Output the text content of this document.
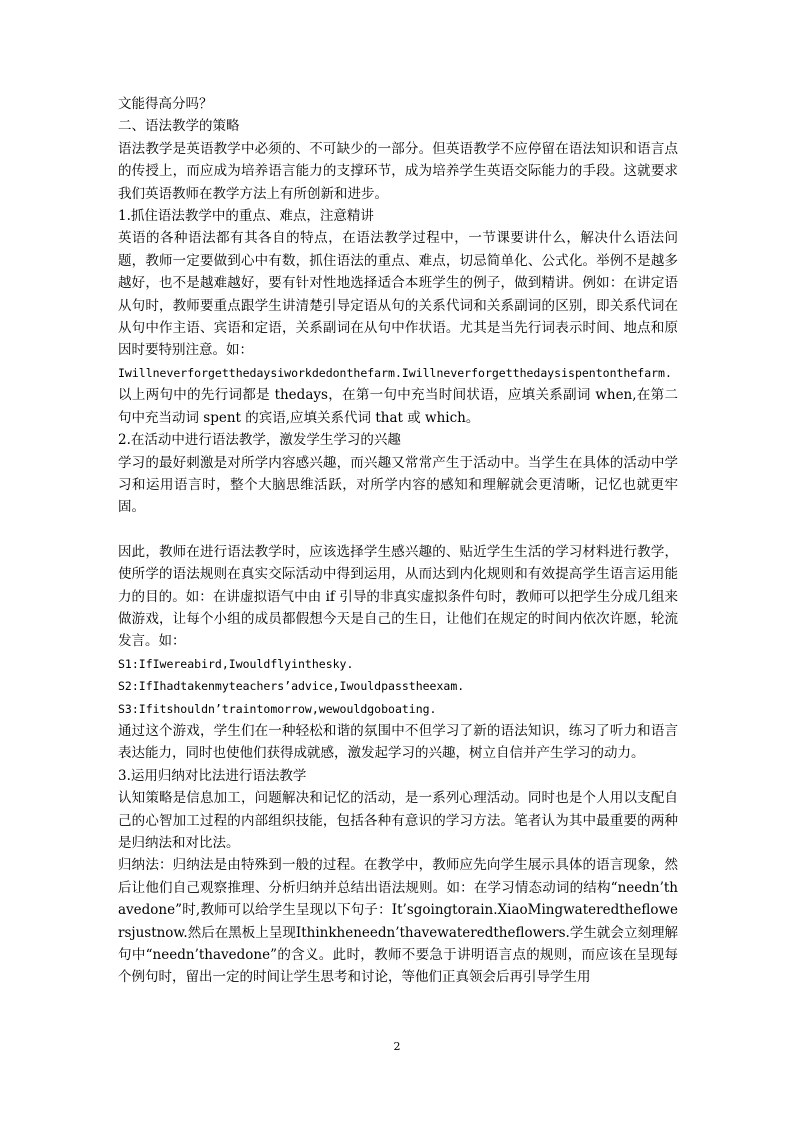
文能得高分吗？

二、语法教学的策略

语法教学是英语教学中必须的、不可缺少的一部分。但英语教学不应停留在语法知识和语言点的传授上，而应成为培养语言能力的支撑环节，成为培养学生英语交际能力的手段。这就要求我们英语教师在教学方法上有所创新和进步。

1.抓住语法教学中的重点、难点，注意精讲

英语的各种语法都有其各自的特点，在语法教学过程中，一节课要讲什么，解决什么语法问题，教师一定要做到心中有数，抓住语法的重点、难点，切忌简单化、公式化。举例不是越多越好，也不是越难越好，要有针对性地选择适合本班学生的例子，做到精讲。例如：在讲定语从句时，教师要重点跟学生讲清楚引导定语从句的关系代词和关系副词的区别，即关系代词在从句中作主语、宾语和定语，关系副词在从句中作状语。尤其是当先行词表示时间、地点和原因时要特别注意。如：

Iwillneverforgetthedaysiworkdedonthefarm.Iwillneverforgetthedaysispentonthefarm.

以上两句中的先行词都是 thedays，在第一句中充当时间状语，应填关系副词 when,在第二句中充当动词 spent 的宾语,应填关系代词 that 或 which。

2.在活动中进行语法教学，激发学生学习的兴趣

学习的最好刺激是对所学内容感兴趣，而兴趣又常常产生于活动中。当学生在具体的活动中学习和运用语言时，整个大脑思维活跃，对所学内容的感知和理解就会更清晰，记忆也就更牢固。

因此，教师在进行语法教学时，应该选择学生感兴趣的、贴近学生生活的学习材料进行教学，使所学的语法规则在真实交际活动中得到运用，从而达到内化规则和有效提高学生语言运用能力的目的。如：在讲虚拟语气中由 if 引导的非真实虚拟条件句时，教师可以把学生分成几组来做游戏，让每个小组的成员都假想今天是自己的生日，让他们在规定的时间内依次许愿，轮流发言。如：

S1:IfIwereabird,Iwouldflyinthesky.

S2:IfIhadtakenmyteachers’advice,Iwouldpasstheexam.

S3:Ifitshouldn’traintomorrow,wewouldgoboating.

通过这个游戏，学生们在一种轻松和谐的氛围中不但学习了新的语法知识，练习了听力和语言表达能力，同时也使他们获得成就感，激发起学习的兴趣，树立自信并产生学习的动力。

3.运用归纳对比法进行语法教学

认知策略是信息加工，问题解决和记忆的活动，是一系列心理活动。同时也是个人用以支配自己的心智加工过程的内部组织技能，包括各种有意识的学习方法。笔者认为其中最重要的两种是归纳法和对比法。

归纳法：归纳法是由特殊到一般的过程。在教学中，教师应先向学生展示具体的语言现象，然后让他们自己观察推理、分析归纳并总结出语法规则。如：在学习情态动词的结构“needn’thavedone”时,教师可以给学生呈现以下句子：It’sgoingtorain.XiaoMingwateredtheflowersjustnow.然后在黑板上呈现Ithinkheneedn’thavewateredtheflowers.学生就会立刻理解句中“needn’thavedone”的含义。此时，教师不要急于讲明语言点的规则，而应该在呈现每个例句时，留出一定的时间让学生思考和讨论，等他们正真领会后再引导学生用

2
